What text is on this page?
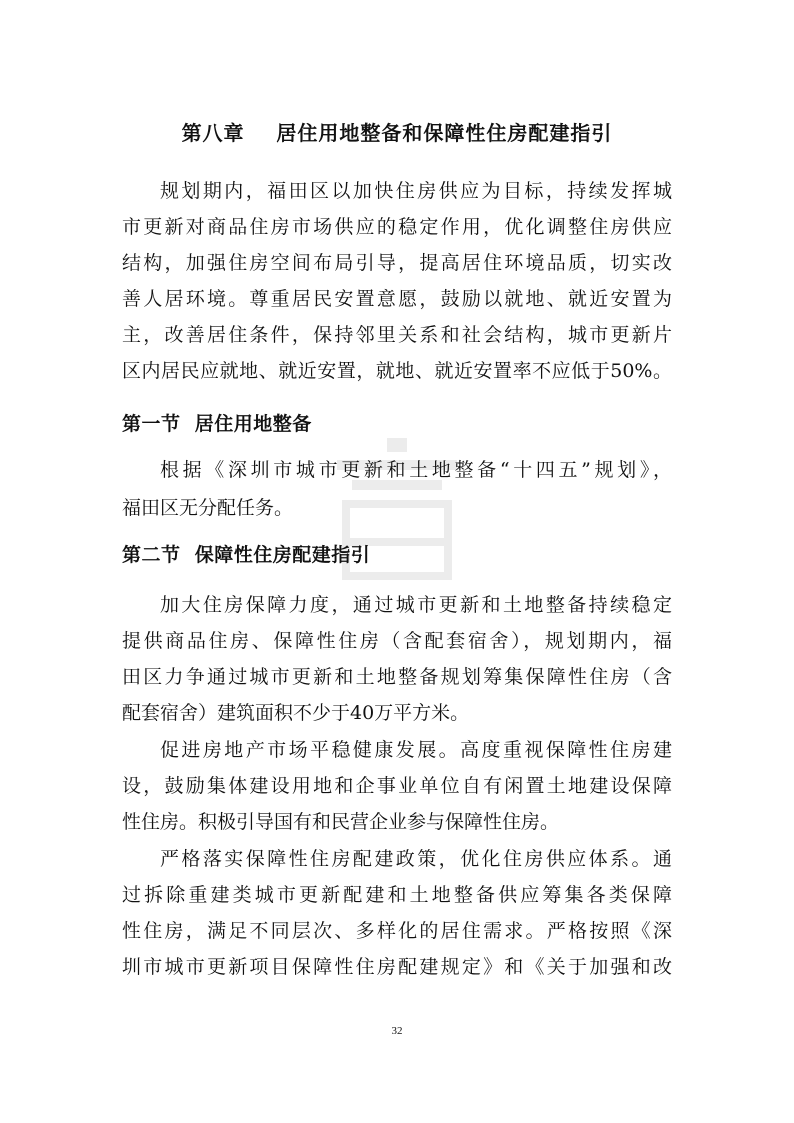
第八章    居住用地整备和保障性住房配建指引
规划期内，福田区以加快住房供应为目标，持续发挥城
市更新对商品住房市场供应的稳定作用，优化调整住房供应
结构，加强住房空间布局引导，提高居住环境品质，切实改
善人居环境。尊重居民安置意愿，鼓励以就地、就近安置为
主，改善居住条件，保持邻里关系和社会结构，城市更新片
区内居民应就地、就近安置，就地、就近安置率不应低于50%。
第一节  居住用地整备
根据《深圳市城市更新和土地整备“十四五”规划》，
福田区无分配任务。
第二节  保障性住房配建指引
加大住房保障力度，通过城市更新和土地整备持续稳定
提供商品住房、保障性住房（含配套宿舍），规划期内，福
田区力争通过城市更新和土地整备规划筹集保障性住房（含
配套宿舍）建筑面积不少于40万平方米。
促进房地产市场平稳健康发展。高度重视保障性住房建
设，鼓励集体建设用地和企事业单位自有闲置土地建设保障
性住房。积极引导国有和民营企业参与保障性住房。
严格落实保障性住房配建政策，优化住房供应体系。通
过拆除重建类城市更新配建和土地整备供应筹集各类保障
性住房，满足不同层次、多样化的居住需求。严格按照《深
圳市城市更新项目保障性住房配建规定》和《关于加强和改
32
